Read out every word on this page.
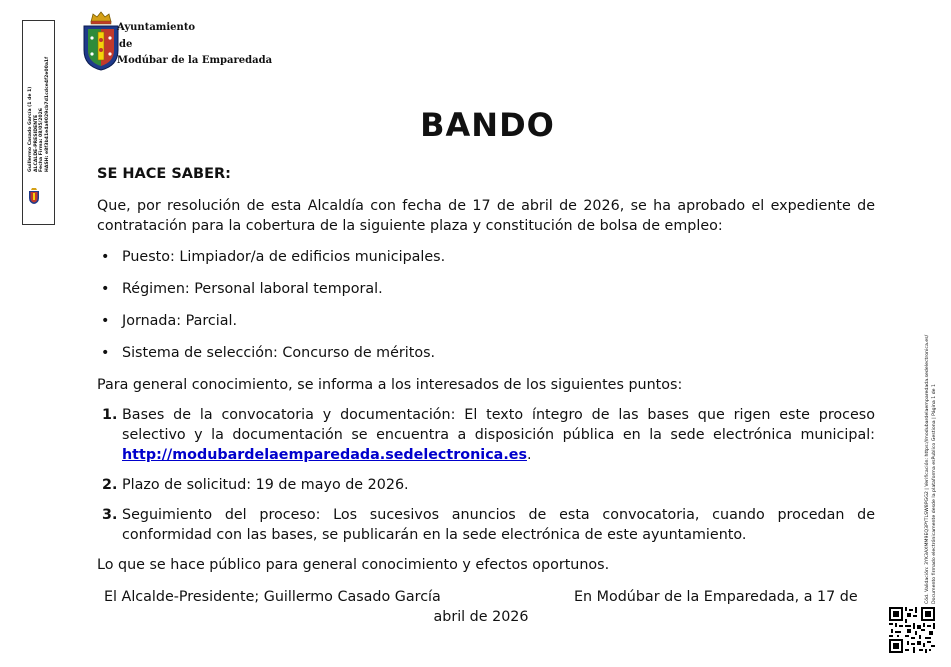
Guillermo Casado García (1 de 1) ALCALDE-PRESIDENTE Fecha Firma: 08/05/2026 HASH: e8f3b41e4a9029cb7d1cdce4f2e00a1f
Ayuntamiento
de
Modúbar de la Emparedada
BANDO

SE HACE SABER:

Que, por resolución de esta Alcaldía con fecha de 17 de abril de 2026, se ha aprobado el expediente de contratación para la cobertura de la siguiente plaza y constitución de bolsa de empleo:

• Puesto: Limpiador/a de edificios municipales.
• Régimen: Personal laboral temporal.
• Jornada: Parcial.
• Sistema de selección: Concurso de méritos.

Para general conocimiento, se informa a los interesados de los siguientes puntos:

1. Bases de la convocatoria y documentación: El texto íntegro de las bases que rigen este proceso selectivo y la documentación se encuentra a disposición pública en la sede electrónica municipal: http://modubardelaemparedada.sedelectronica.es.
2. Plazo de solicitud: 19 de mayo de 2026.
3. Seguimiento del proceso: Los sucesivos anuncios de esta convocatoria, cuando procedan de conformidad con las bases, se publicarán en la sede electrónica de este ayuntamiento.

Lo que se hace público para general conocimiento y efectos oportunos.

El Alcalde-Presidente; Guillermo Casado García	En Modúbar de la Emparedada, a 17 de
abril de 2026
Cód. Validación: 3YK3AXMM9EQ3PYTLSW8PGG2 | Verificación: https://modubardelaemparedada.sedelectronica.es/ Documento firmado electrónicamente desde la plataforma esPublico Gestiona | Página 1 de 1
